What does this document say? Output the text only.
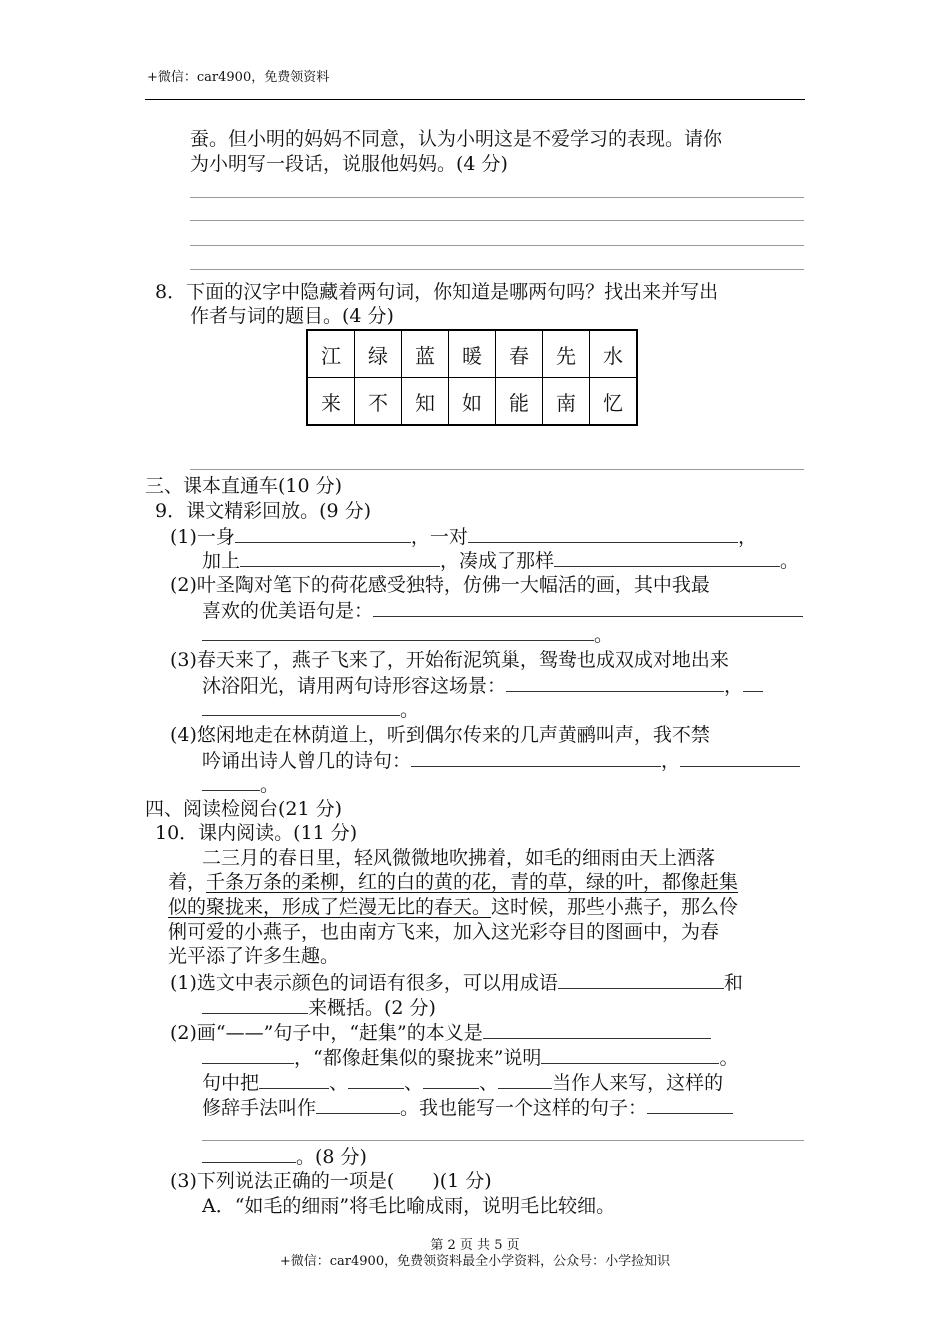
+微信：car4900，免费领资料
蚕。但小明的妈妈不同意，认为小明这是不爱学习的表现。请你
为小明写一段话，说服他妈妈。(4 分)
8．下面的汉字中隐藏着两句词，你知道是哪两句吗？找出来并写出
作者与词的题目。(4 分)
江	绿	蓝	暖	春	先	水
来	不	知	如	能	南	忆
三、课本直通车(10 分)
9．课文精彩回放。(9 分)
(1)一身	，一对	，
加上	，凑成了那样	。
(2)叶圣陶对笔下的荷花感受独特，仿佛一大幅活的画，其中我最
喜欢的优美语句是：
。
(3)春天来了，燕子飞来了，开始衔泥筑巢，鸳鸯也成双成对地出来
沐浴阳光，请用两句诗形容这场景：	，
。
(4)悠闲地走在林荫道上，听到偶尔传来的几声黄鹂叫声，我不禁
吟诵出诗人曾几的诗句：	，
。
四、阅读检阅台(21 分)
10．课内阅读。(11 分)
二三月的春日里，轻风微微地吹拂着，如毛的细雨由天上洒落
着，千条万条的柔柳，红的白的黄的花，青的草，绿的叶，都像赶集
似的聚拢来，形成了烂漫无比的春天。这时候，那些小燕子，那么伶
俐可爱的小燕子，也由南方飞来，加入这光彩夺目的图画中，为春
光平添了许多生趣。
(1)选文中表示颜色的词语有很多，可以用成语	和
来概括。(2 分)
(2)画“——”句子中，“赶集”的本义是
，“都像赶集似的聚拢来”说明	。
句中把	、	、	、	当作人来写，这样的
修辞手法叫作	。我也能写一个这样的句子：
。(8 分)
(3)下列说法正确的一项是(　　)(1 分)
A．“如毛的细雨”将毛比喻成雨，说明毛比较细。
第 2 页 共 5 页
+微信：car4900，免费领资料最全小学资料，公众号：小学捡知识
